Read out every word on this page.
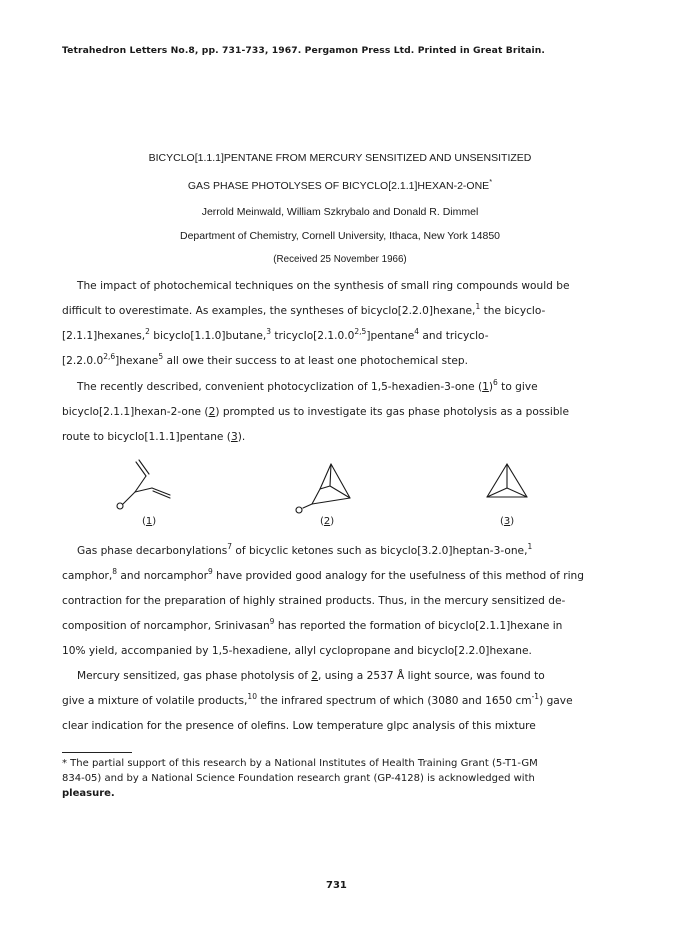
Tetrahedron Letters No.8, pp. 731-733, 1967. Pergamon Press Ltd. Printed in Great Britain.
BICYCLO[1.1.1]PENTANE FROM MERCURY SENSITIZED AND UNSENSITIZED
GAS PHASE PHOTOLYSES OF BICYCLO[2.1.1]HEXAN-2-ONE*
Jerrold Meinwald, William Szkrybalo and Donald R. Dimmel
Department of Chemistry, Cornell University, Ithaca, New York 14850
(Received 25 November 1966)
The impact of photochemical techniques on the synthesis of small ring compounds would be
difficult to overestimate. As examples, the syntheses of bicyclo[2.2.0]hexane,$^1$ the bicyclo-
[2.1.1]hexanes,$^2$ bicyclo[1.1.0]butane,$^3$ tricyclo[2.1.0.0$^{2,5}$]pentane$^4$ and tricyclo-
[2.2.0.0$^{2,6}$]hexane$^5$ all owe their success to at least one photochemical step.
The recently described, convenient photocyclization of 1,5-hexadien-3-one $(1)^6$ to give
bicyclo[2.1.1]hexan-2-one (2) prompted us to investigate its gas phase photolysis as a possible
route to bicyclo[1.1.1]pentane (3).
(1)	(2)	(3)
Gas phase decarbonylations$^7$ of bicyclic ketones such as bicyclo[3.2.0]heptan-3-one,$^1$
camphor,$^8$ and norcamphor$^9$ have provided good analogy for the usefulness of this method of ring
contraction for the preparation of highly strained products. Thus, in the mercury sensitized de-
composition of norcamphor, Srinivasan$^9$ has reported the formation of bicyclo[2.1.1]hexane in
10% yield, accompanied by 1,5-hexadiene, allyl cyclopropane and bicyclo[2.2.0]hexane.
Mercury sensitized, gas phase photolysis of 2, using a 2537 Å light source, was found to
give a mixture of volatile products,$^{10}$ the infrared spectrum of which (3080 and 1650 $cm^{-1}$) gave
clear indication for the presence of olefins. Low temperature glpc analysis of this mixture
* The partial support of this research by a National Institutes of Health Training Grant (5-T1-GM
834-05) and by a National Science Foundation research grant (GP-4128) is acknowledged with
pleasure.
731
